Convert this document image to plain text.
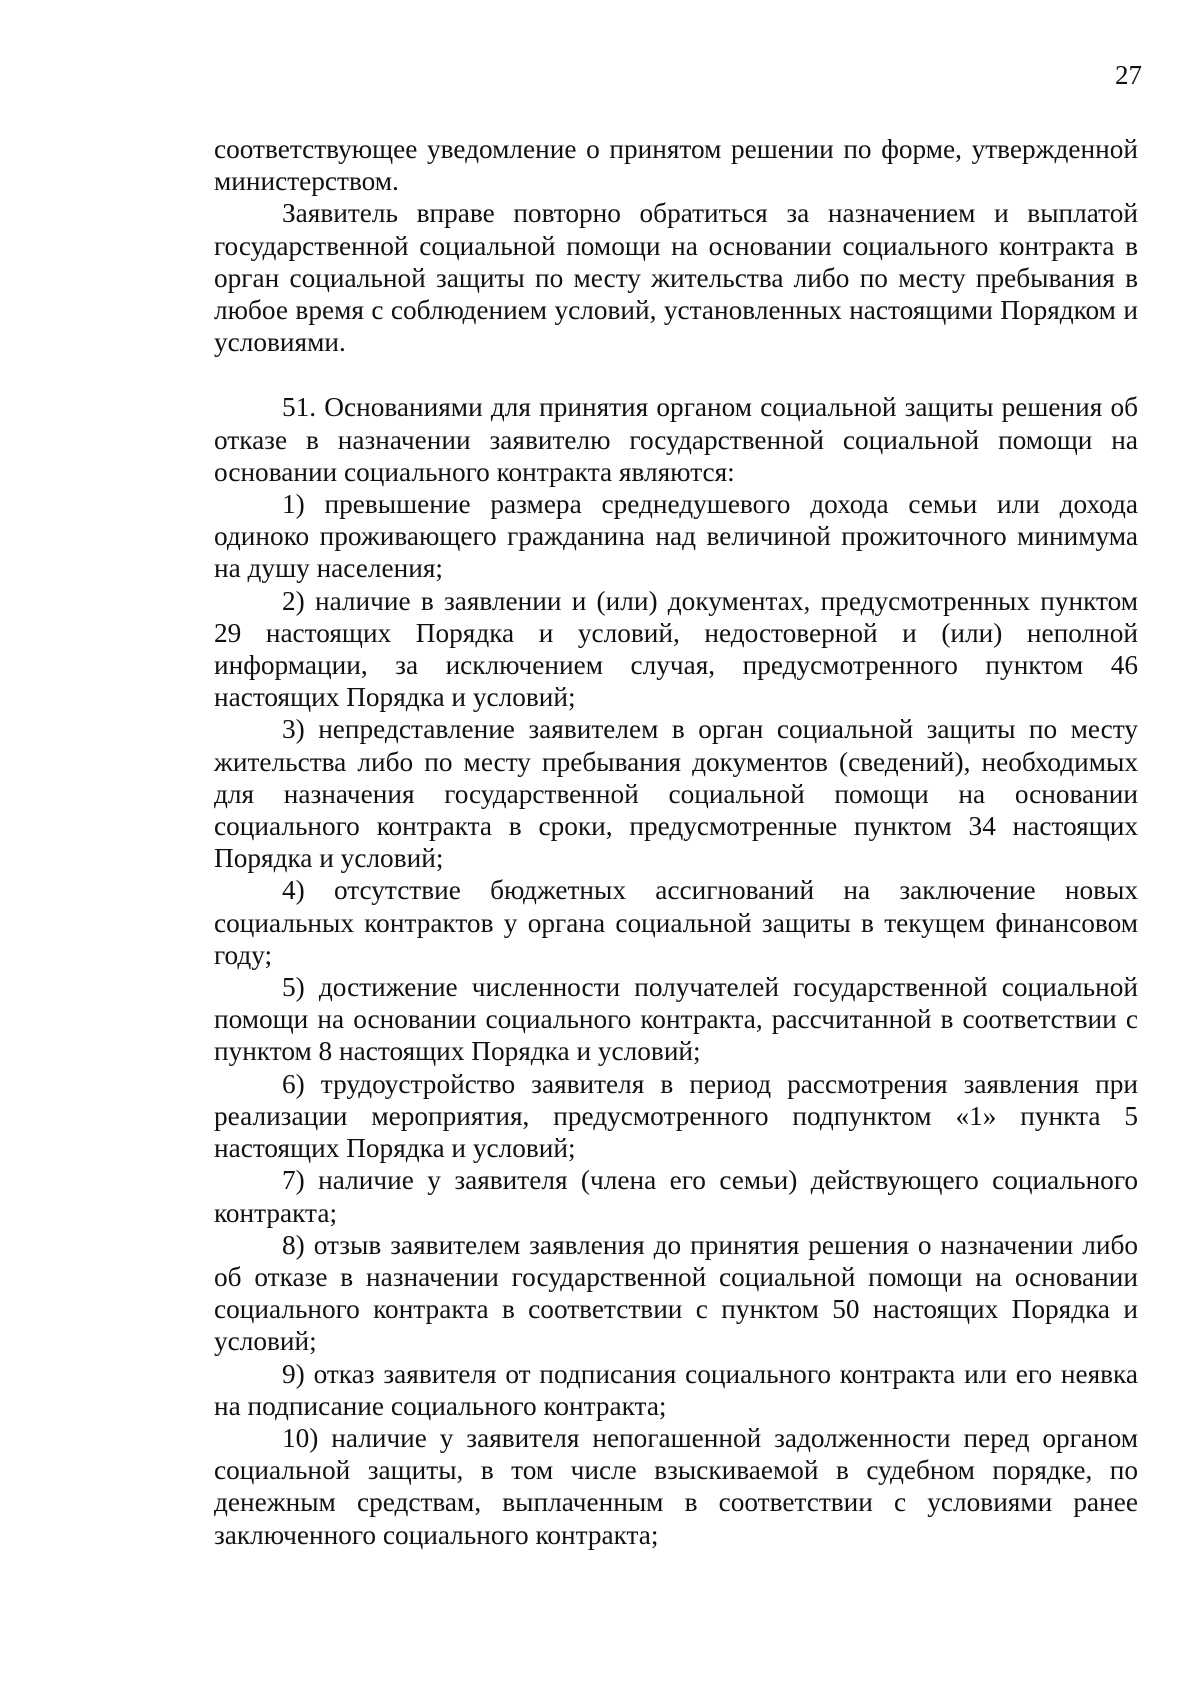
27

соответствующее уведомление о принятом решении по форме, утвержденной министерством.

Заявитель вправе повторно обратиться за назначением и выплатой государственной социальной помощи на основании социального контракта в орган социальной защиты по месту жительства либо по месту пребывания в любое время с соблюдением условий, установленных настоящими Порядком и условиями.

51. Основаниями для принятия органом социальной защиты решения об отказе в назначении заявителю государственной социальной помощи на основании социального контракта являются:

1) превышение размера среднедушевого дохода семьи или дохода одиноко проживающего гражданина над величиной прожиточного минимума на душу населения;

2) наличие в заявлении и (или) документах, предусмотренных пунктом 29 настоящих Порядка и условий, недостоверной и (или) неполной информации, за исключением случая, предусмотренного пунктом 46 настоящих Порядка и условий;

3) непредставление заявителем в орган социальной защиты по месту жительства либо по месту пребывания документов (сведений), необходимых для назначения государственной социальной помощи на основании социального контракта в сроки, предусмотренные пунктом 34 настоящих Порядка и условий;

4) отсутствие бюджетных ассигнований на заключение новых социальных контрактов у органа социальной защиты в текущем финансовом году;

5) достижение численности получателей государственной социальной помощи на основании социального контракта, рассчитанной в соответствии с пунктом 8 настоящих Порядка и условий;

6) трудоустройство заявителя в период рассмотрения заявления при реализации мероприятия, предусмотренного подпунктом «1» пункта 5 настоящих Порядка и условий;

7) наличие у заявителя (члена его семьи) действующего социального контракта;

8) отзыв заявителем заявления до принятия решения о назначении либо об отказе в назначении государственной социальной помощи на основании социального контракта в соответствии с пунктом 50 настоящих Порядка и условий;

9) отказ заявителя от подписания социального контракта или его неявка на подписание социального контракта;

10) наличие у заявителя непогашенной задолженности перед органом социальной защиты, в том числе взыскиваемой в судебном порядке, по денежным средствам, выплаченным в соответствии с условиями ранее заключенного социального контракта;
